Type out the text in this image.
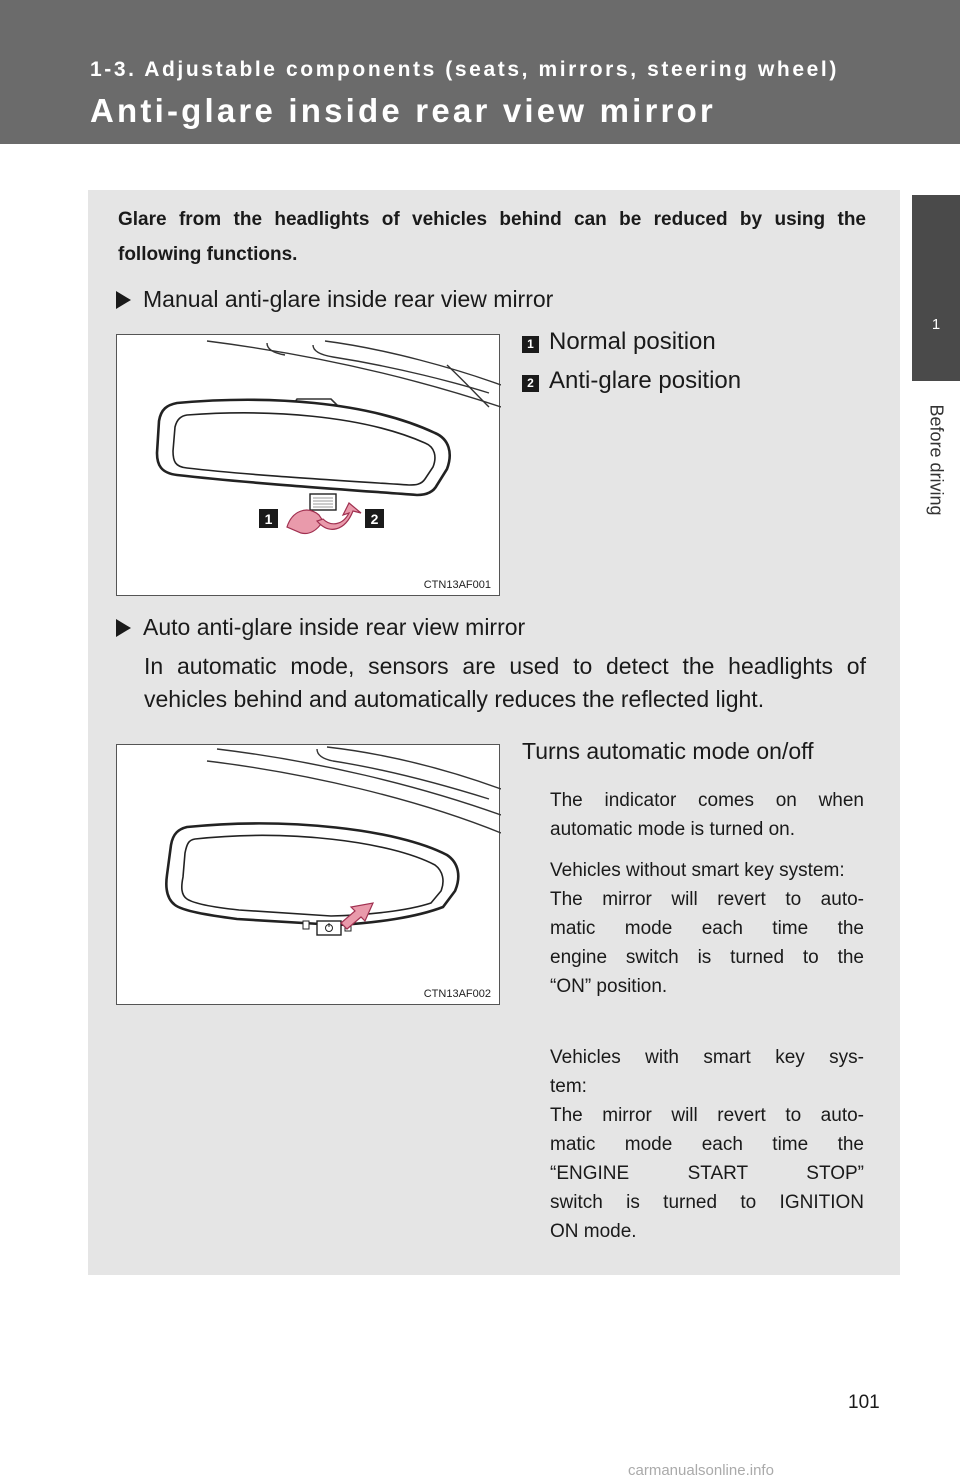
1-3. Adjustable components (seats, mirrors, steering wheel)
Anti-glare inside rear view mirror
1
Before driving
Glare from the headlights of vehicles behind can be reduced by using the following functions.
Manual anti-glare inside rear view mirror
1	2
CTN13AF001
1 Normal position
2 Anti-glare position
Auto anti-glare inside rear view mirror
In automatic mode, sensors are used to detect the headlights of vehicles behind and automatically reduces the reflected light.
CTN13AF002
Turns automatic mode on/off
The indicator comes on when automatic mode is turned on.
Vehicles without smart key system:
The mirror will revert to auto-
matic mode each time the
engine switch is turned to the
“ON” position.
Vehicles with smart key sys-
tem:
The mirror will revert to auto-
matic mode each time the
“ENGINE START STOP”
switch is turned to IGNITION
ON mode.
101
carmanualsonline.info
